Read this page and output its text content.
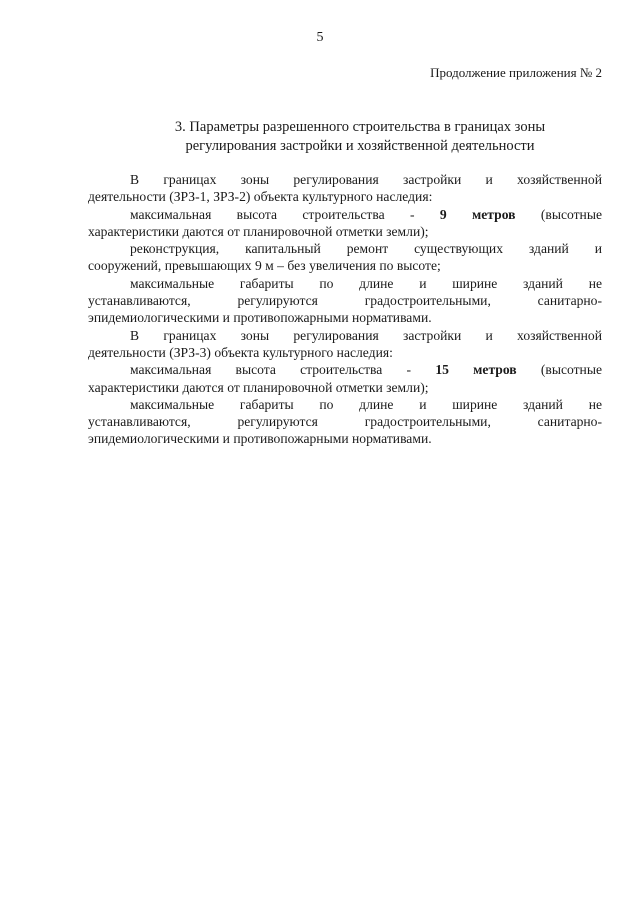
5
Продолжение приложения № 2
3. Параметры разрешенного строительства в границах зоны
регулирования застройки и хозяйственной деятельности
В границах зоны регулирования застройки и хозяйственной
деятельности (ЗРЗ-1, ЗРЗ-2) объекта культурного наследия:
максимальная высота строительства - 9 метров (высотные
характеристики даются от планировочной отметки земли);
реконструкция, капитальный ремонт существующих зданий и
сооружений, превышающих 9 м – без увеличения по высоте;
максимальные габариты по длине и ширине зданий не
устанавливаются, регулируются градостроительными, санитарно-
эпидемиологическими и противопожарными нормативами.
В границах зоны регулирования застройки и хозяйственной
деятельности (ЗРЗ-3) объекта культурного наследия:
максимальная высота строительства - 15 метров (высотные
характеристики даются от планировочной отметки земли);
максимальные габариты по длине и ширине зданий не
устанавливаются, регулируются градостроительными, санитарно-
эпидемиологическими и противопожарными нормативами.
